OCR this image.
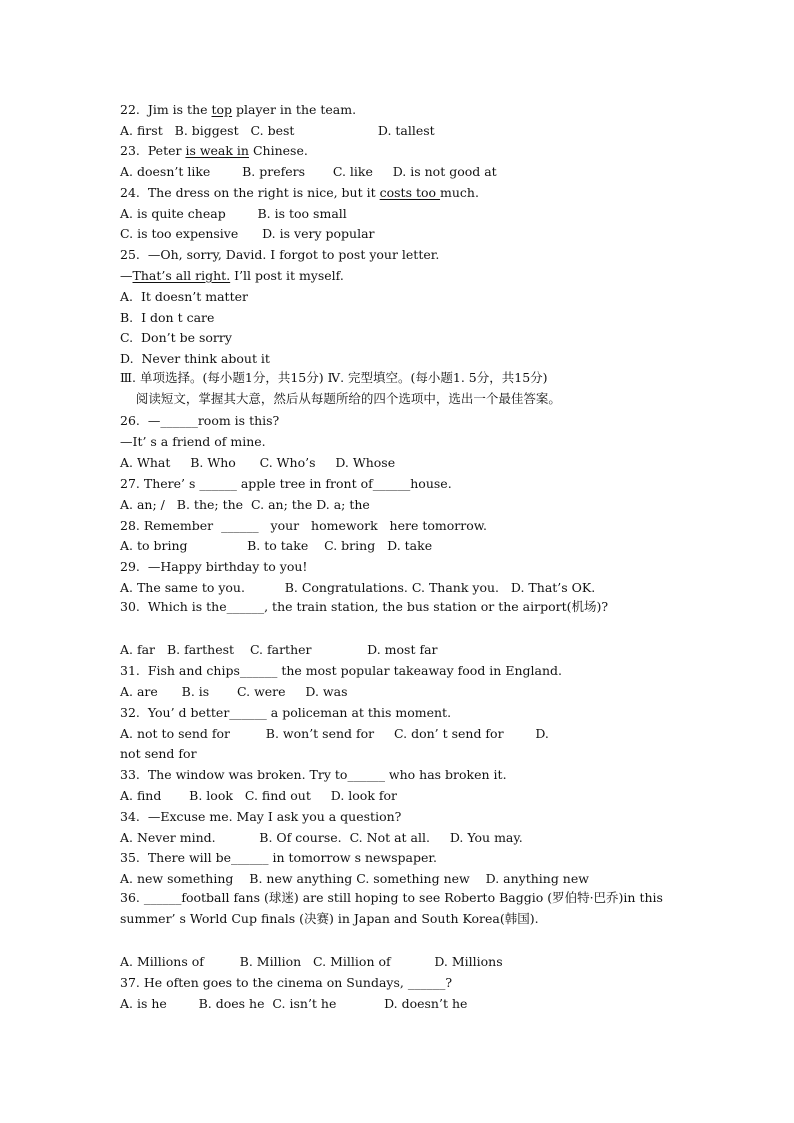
22.  Jim is the top player in the team.
A. first   B. biggest   C. best                     D. tallest
23.  Peter is weak in Chinese.
A. doesn’t like        B. prefers       C. like     D. is not good at
24.  The dress on the right is nice, but it costs too much.
A. is quite cheap        B. is too small
C. is too expensive      D. is very popular
25.  —Oh, sorry, David. I forgot to post your letter.
—That’s all right. I’ll post it myself.
A.  It doesn’t matter
B.  I don t care
C.  Don’t be sorry
D.  Never think about it
Ⅲ. 单项选择。(每小题1分，共15分) Ⅳ. 完型填空。(每小题1. 5分，共15分)
阅读短文，掌握其大意，然后从每题所给的四个选项中，选出一个最佳答案。
26.  —______room is this?
—It’ s a friend of mine.
A. What     B. Who      C. Who’s     D. Whose
27. There’ s ______ apple tree in front of______house.
A. an; /   B. the; the  C. an; the D. a; the
28. Remember  ______   your   homework   here tomorrow.
A. to bring               B. to take    C. bring   D. take
29.  —Happy birthday to you!
A. The same to you.          B. Congratulations. C. Thank you.   D. That’s OK.
30.  Which is the______, the train station, the bus station or the airport(机场)?
A. far   B. farthest    C. farther              D. most far
31.  Fish and chips______ the most popular takeaway food in England.
A. are      B. is       C. were     D. was
32.  You’ d better______ a policeman at this moment.
A. not to send for         B. won’t send for     C. don’ t send for        D.
not send for
33.  The window was broken. Try to______ who has broken it.
A. find       B. look   C. find out     D. look for
34.  —Excuse me. May I ask you a question?
A. Never mind.           B. Of course.  C. Not at all.     D. You may.
35.  There will be______ in tomorrow s newspaper.
A. new something    B. new anything C. something new    D. anything new
36. ______football fans (球迷) are still hoping to see Roberto Baggio (罗伯特·巴乔)in this summer’ s World Cup finals (决赛) in Japan and South Korea(韩国).
A. Millions of         B. Million   C. Million of           D. Millions
37. He often goes to the cinema on Sundays, ______?
A. is he        B. does he  C. isn’t he            D. doesn’t he
